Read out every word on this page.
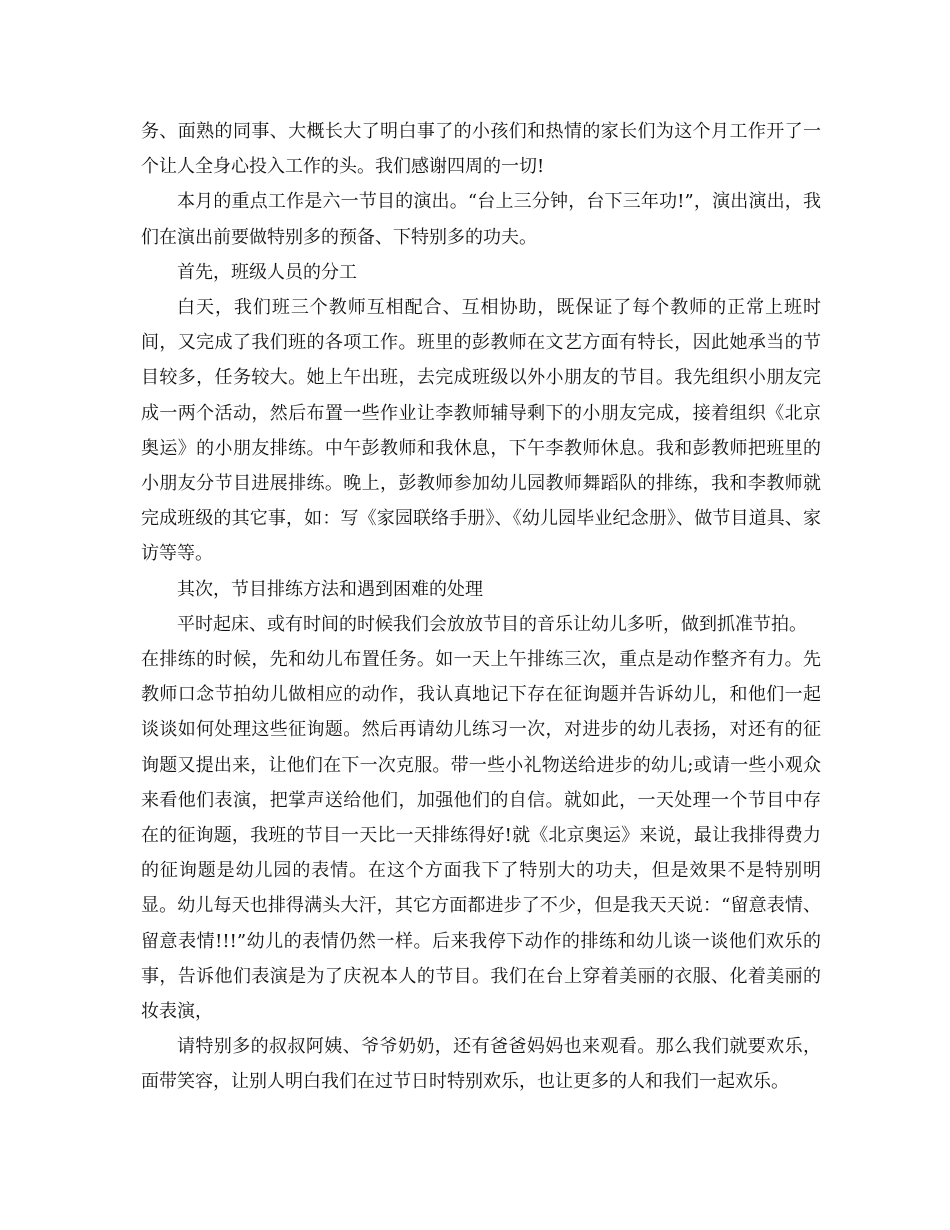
务、面熟的同事、大概长大了明白事了的小孩们和热情的家长们为这个月工作开了一个让人全身心投入工作的头。我们感谢四周的一切!

本月的重点工作是六一节目的演出。“台上三分钟，台下三年功!”，演出演出，我们在演出前要做特别多的预备、下特别多的功夫。

首先，班级人员的分工

白天，我们班三个教师互相配合、互相协助，既保证了每个教师的正常上班时间，又完成了我们班的各项工作。班里的彭教师在文艺方面有特长，因此她承当的节目较多，任务较大。她上午出班，去完成班级以外小朋友的节目。我先组织小朋友完成一两个活动，然后布置一些作业让李教师辅导剩下的小朋友完成，接着组织《北京奥运》的小朋友排练。中午彭教师和我休息，下午李教师休息。我和彭教师把班里的小朋友分节目进展排练。晚上，彭教师参加幼儿园教师舞蹈队的排练，我和李教师就完成班级的其它事，如：写《家园联络手册》、《幼儿园毕业纪念册》、做节目道具、家访等等。

其次，节目排练方法和遇到困难的处理

平时起床、或有时间的时候我们会放放节目的音乐让幼儿多听，做到抓准节拍。

在排练的时候，先和幼儿布置任务。如一天上午排练三次，重点是动作整齐有力。先教师口念节拍幼儿做相应的动作，我认真地记下存在征询题并告诉幼儿，和他们一起谈谈如何处理这些征询题。然后再请幼儿练习一次，对进步的幼儿表扬，对还有的征询题又提出来，让他们在下一次克服。带一些小礼物送给进步的幼儿;或请一些小观众来看他们表演，把掌声送给他们，加强他们的自信。就如此，一天处理一个节目中存在的征询题，我班的节目一天比一天排练得好!就《北京奥运》来说，最让我排得费力的征询题是幼儿园的表情。在这个方面我下了特别大的功夫，但是效果不是特别明显。幼儿每天也排得满头大汗，其它方面都进步了不少，但是我天天说：“留意表情、留意表情!!!”幼儿的表情仍然一样。后来我停下动作的排练和幼儿谈一谈他们欢乐的事，告诉他们表演是为了庆祝本人的节目。我们在台上穿着美丽的衣服、化着美丽的妆表演，

请特别多的叔叔阿姨、爷爷奶奶，还有爸爸妈妈也来观看。那么我们就要欢乐，面带笑容，让别人明白我们在过节日时特别欢乐，也让更多的人和我们一起欢乐。
